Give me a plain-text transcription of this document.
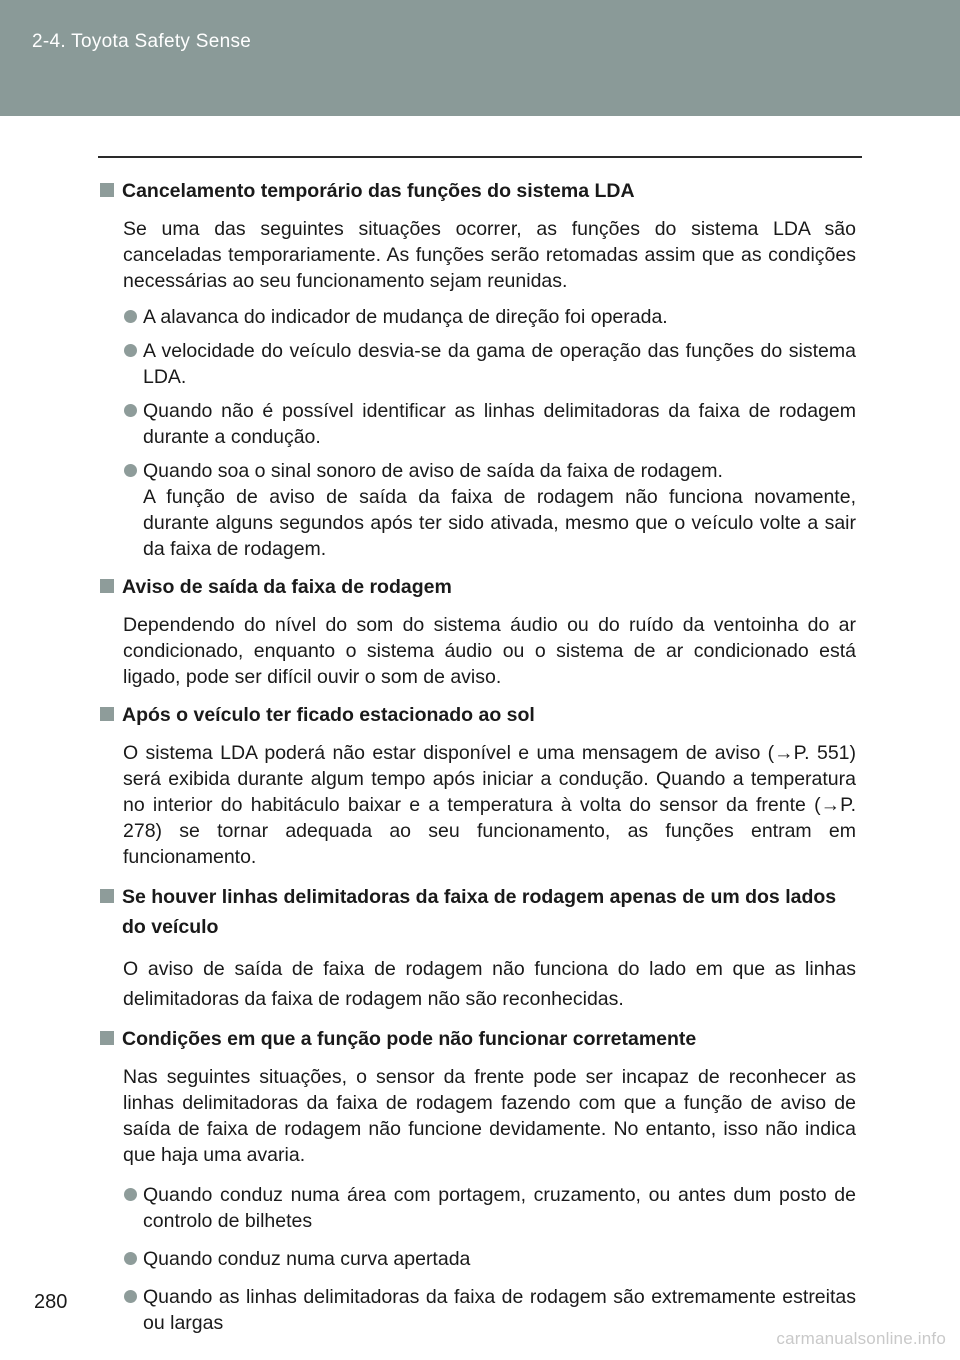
2-4. Toyota Safety Sense
Cancelamento temporário das funções do sistema LDA
Se uma das seguintes situações ocorrer, as funções do sistema LDA são canceladas temporariamente. As funções serão retomadas assim que as condições necessárias ao seu funcionamento sejam reunidas.
A alavanca do indicador de mudança de direção foi operada.
A velocidade do veículo desvia-se da gama de operação das funções do sistema LDA.
Quando não é possível identificar as linhas delimitadoras da faixa de rodagem durante a condução.
Quando soa o sinal sonoro de aviso de saída da faixa de rodagem.
A função de aviso de saída da faixa de rodagem não funciona novamente, durante alguns segundos após ter sido ativada, mesmo que o veículo volte a sair da faixa de rodagem.
Aviso de saída da faixa de rodagem
Dependendo do nível do som do sistema áudio ou do ruído da ventoinha do ar condicionado, enquanto o sistema áudio ou o sistema de ar condicionado está ligado, pode ser difícil ouvir o som de aviso.
Após o veículo ter ficado estacionado ao sol
O sistema LDA poderá não estar disponível e uma mensagem de aviso (→P. 551) será exibida durante algum tempo após iniciar a condução. Quando a temperatura no interior do habitáculo baixar e a temperatura à volta do sensor da frente (→P. 278) se tornar adequada ao seu funcionamento, as funções entram em funcionamento.
Se houver linhas delimitadoras da faixa de rodagem apenas de um dos lados do veículo
O aviso de saída de faixa de rodagem não funciona do lado em que as linhas delimitadoras da faixa de rodagem não são reconhecidas.
Condições em que a função pode não funcionar corretamente
Nas seguintes situações, o sensor da frente pode ser incapaz de reconhecer as linhas delimitadoras da faixa de rodagem fazendo com que a função de aviso de saída de faixa de rodagem não funcione devidamente. No entanto, isso não indica que haja uma avaria.
Quando conduz numa área com portagem, cruzamento, ou antes dum posto de controlo de bilhetes
Quando conduz numa curva apertada
Quando as linhas delimitadoras da faixa de rodagem são extremamente estreitas ou largas
280
carmanualsonline.info
